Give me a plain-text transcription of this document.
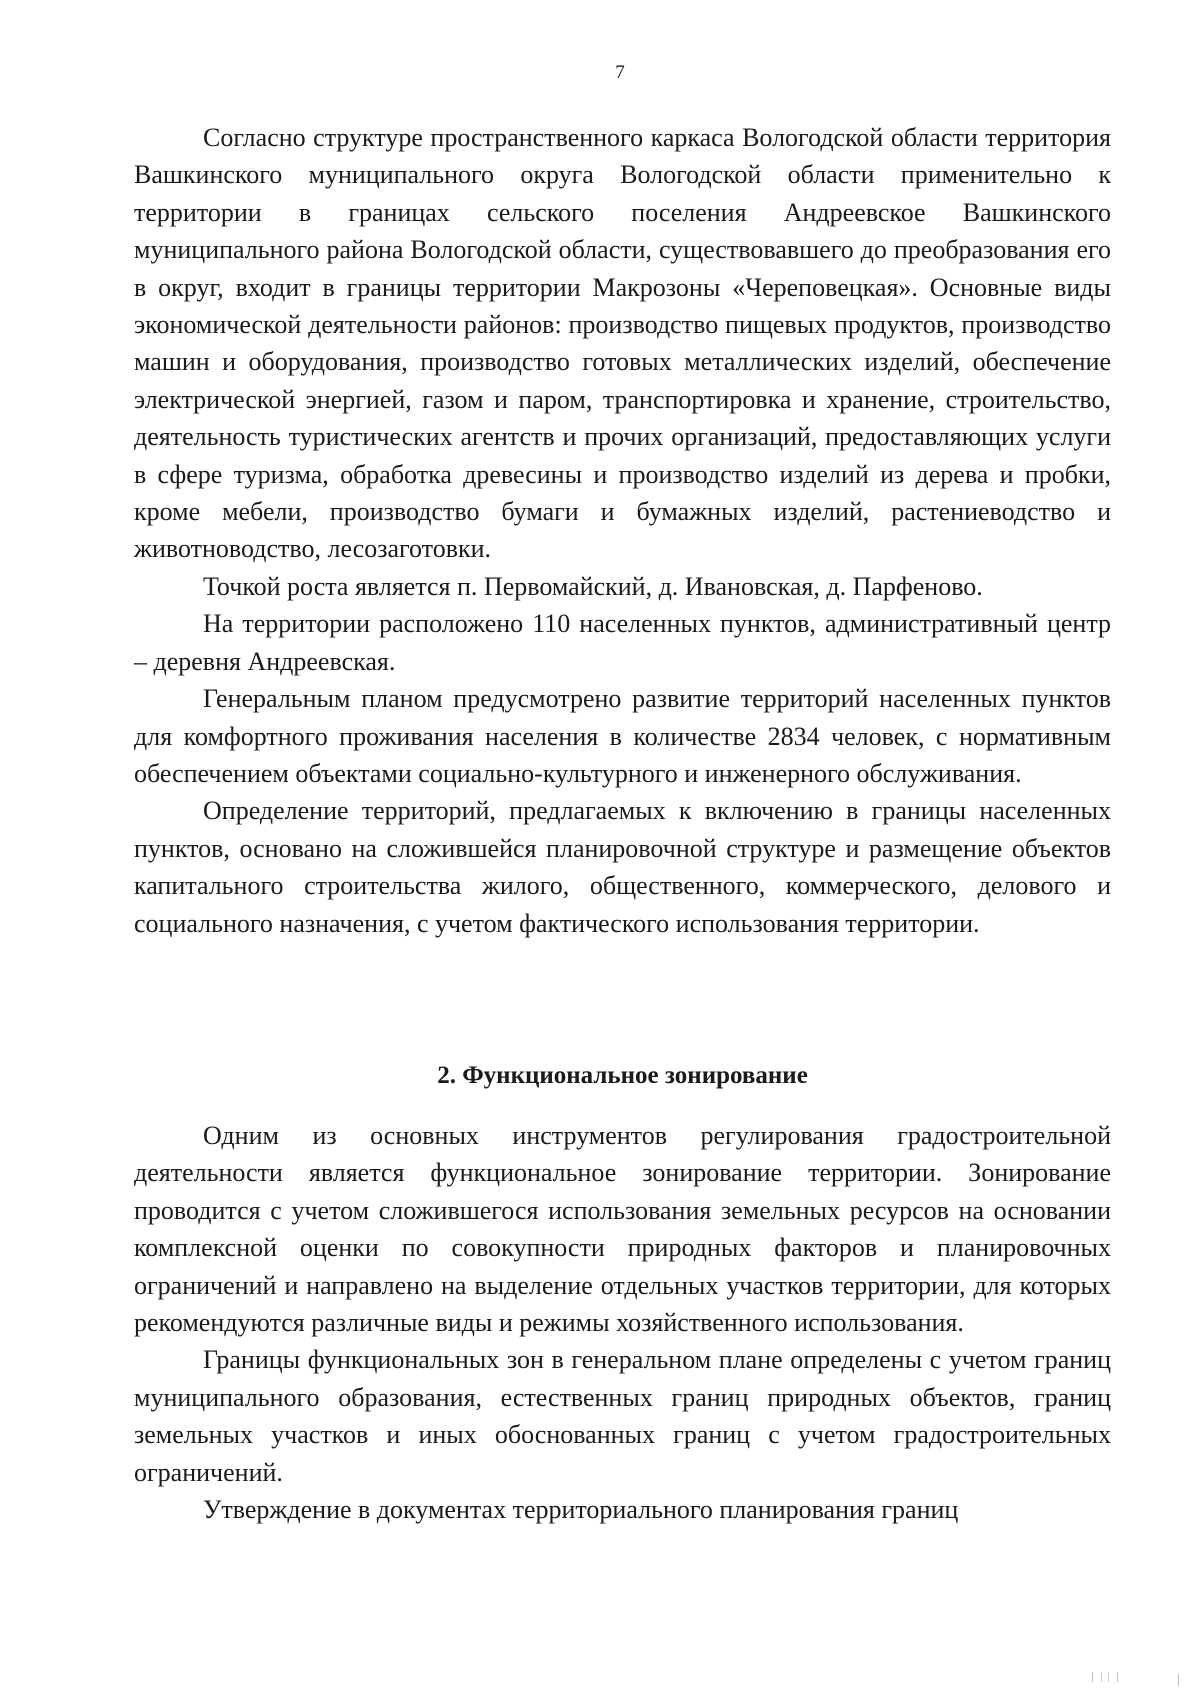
7

Согласно структуре пространственного каркаса Вологодской области территория Вашкинского муниципального округа Вологодской области применительно к территории в границах сельского поселения Андреевское Вашкинского муниципального района Вологодской области, существовавшего до преобразования его в округ, входит в границы территории Макрозоны «Череповецкая». Основные виды экономической деятельности районов: производство пищевых продуктов, производство машин и оборудования, производство готовых металлических изделий, обеспечение электрической энергией, газом и паром, транспортировка и хранение, строительство, деятельность туристических агентств и прочих организаций, предоставляющих услуги в сфере туризма, обработка древесины и производство изделий из дерева и пробки, кроме мебели, производство бумаги и бумажных изделий, растениеводство и животноводство, лесозаготовки.

Точкой роста является п. Первомайский, д. Ивановская, д. Парфеново.

На территории расположено 110 населенных пунктов, административный центр – деревня Андреевская.

Генеральным планом предусмотрено развитие территорий населенных пунктов для комфортного проживания населения в количестве 2834 человек, с нормативным обеспечением объектами социально-культурного и инженерного обслуживания.

Определение территорий, предлагаемых к включению в границы населенных пунктов, основано на сложившейся планировочной структуре и размещение объектов капитального строительства жилого, общественного, коммерческого, делового и социального назначения, с учетом фактического использования территории.

2. Функциональное зонирование

Одним из основных инструментов регулирования градостроительной деятельности является функциональное зонирование территории. Зонирование проводится с учетом сложившегося использования земельных ресурсов на основании комплексной оценки по совокупности природных факторов и планировочных ограничений и направлено на выделение отдельных участков территории, для которых рекомендуются различные виды и режимы хозяйственного использования.

Границы функциональных зон в генеральном плане определены с учетом границ муниципального образования, естественных границ природных объектов, границ земельных участков и иных обоснованных границ с учетом градостроительных ограничений.

Утверждение в документах территориального планирования границ
